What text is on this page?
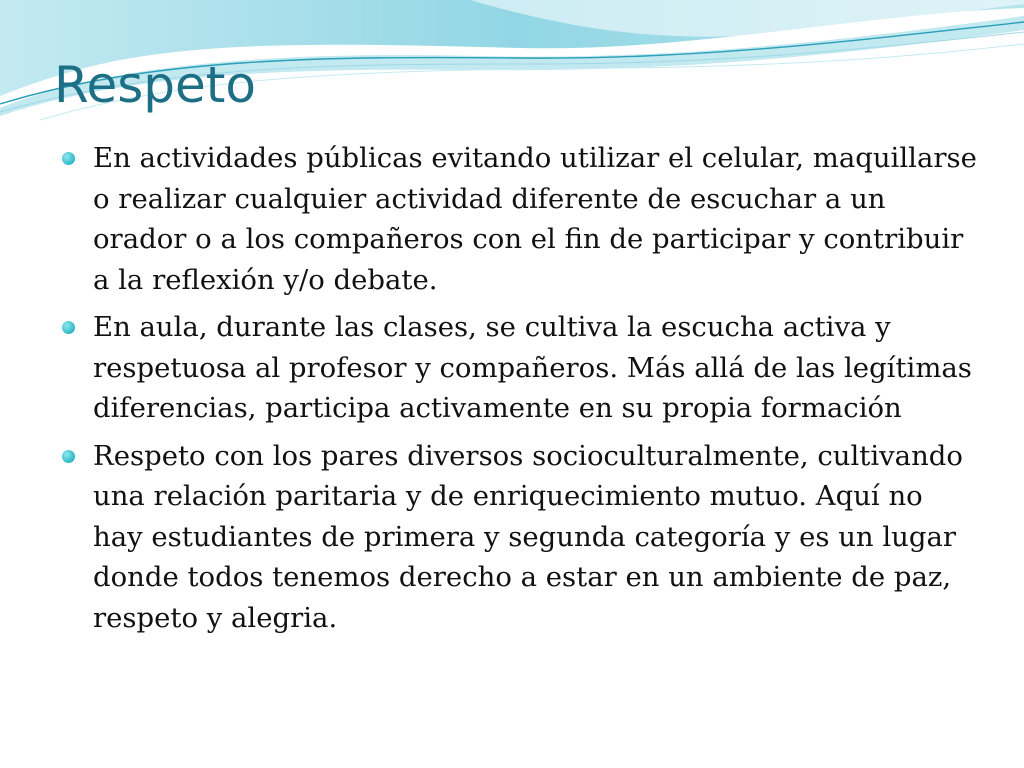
Respeto
En actividades públicas evitando utilizar el celular, maquillarse o realizar cualquier actividad diferente de escuchar a un orador o a los compañeros con el fin de participar y contribuir a la reflexión y/o debate.
En aula, durante las clases, se cultiva la escucha activa y respetuosa al profesor y compañeros. Más allá de las legítimas diferencias, participa activamente en su propia formación
Respeto con los pares diversos socioculturalmente, cultivando una relación paritaria y de enriquecimiento mutuo. Aquí no hay estudiantes de primera y segunda categoría y es un lugar donde todos tenemos derecho a estar en un ambiente de paz, respeto y alegria.
